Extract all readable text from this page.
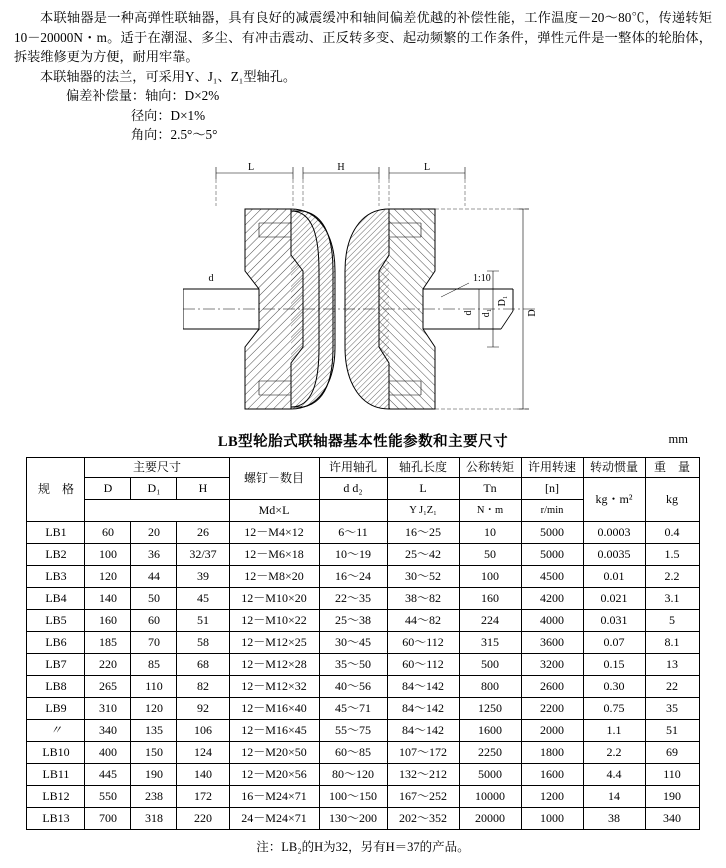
本联轴器是一种高弹性联轴器，具有良好的减震缓冲和轴间偏差优越的补偿性能，工作温度－20～80℃，传递转矩10－20000N・m。适于在潮湿、多尘、有冲击震动、正反转多变、起动频繁的工作条件，弹性元件是一整体的轮胎体，拆装维修更为方便，耐用牢靠。

本联轴器的法兰，可采用Y、J₁、Z₁型轴孔。

偏差补偿量：轴向：D×2%
径向：D×1%
角向：2.5°～5°
L	H	L
d
d d₁
D₁
D
1:10
LB型轮胎式联轴器基本性能参数和主要尺寸	mm
规　格	主要尺寸			螺钉－数目	许用轴孔	轴孔长度	公称转矩	许用转速	转动惯量	重　量
	D	D₁	H		d d₂	L	Tn	[n]	kg・m²	kg
				Md×L		Y J₁Z₁	N・m	r/min		
LB1	60	20	26	12－M4×12	6～11	16～25	10	5000	0.0003	0.4
LB2	100	36	32/37	12－M6×18	10～19	25～42	50	5000	0.0035	1.5
LB3	120	44	39	12－M8×20	16～24	30～52	100	4500	0.01	2.2
LB4	140	50	45	12－M10×20	22～35	38～82	160	4200	0.021	3.1
LB5	160	60	51	12－M10×22	25～38	44～82	224	4000	0.031	5
LB6	185	70	58	12－M12×25	30～45	60～112	315	3600	0.07	8.1
LB7	220	85	68	12－M12×28	35～50	60～112	500	3200	0.15	13
LB8	265	110	82	12－M12×32	40～56	84～142	800	2600	0.30	22
LB9	310	120	92	12－M16×40	45～71	84～142	1250	2200	0.75	35
〃	340	135	106	12－M16×45	55～75	84～142	1600	2000	1.1	51
LB10	400	150	124	12－M20×50	60～85	107～172	2250	1800	2.2	69
LB11	445	190	140	12－M20×56	80～120	132～212	5000	1600	4.4	110
LB12	550	238	172	16－M24×71	100～150	167～252	10000	1200	14	190
LB13	700	318	220	24－M24×71	130～200	202～352	20000	1000	38	340
注：LB₂的H为32，另有H＝37的产品。
